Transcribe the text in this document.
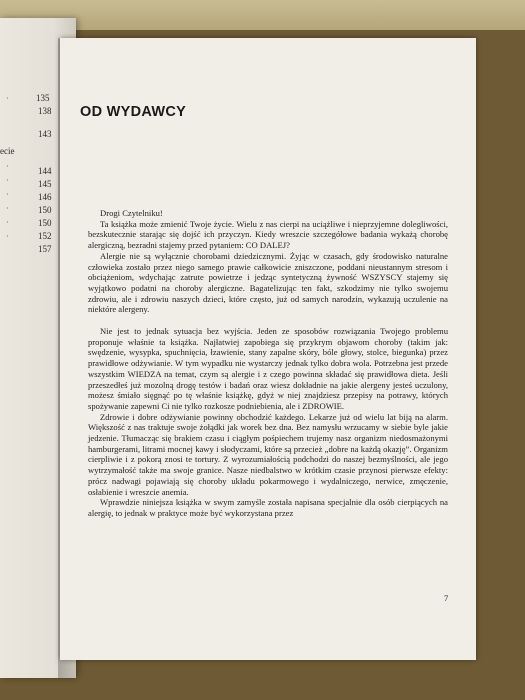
ecie
·
·
·
·
·
·
·
135
138
143
144
145
146
150
150
152
157
OD WYDAWCY

Drogi Czytelniku!

Ta książka może zmienić Twoje życie. Wielu z nas cierpi na uciążliwe i nieprzyjemne dolegliwości, bezskutecznie starając się dojść ich przyczyn. Kiedy wreszcie szczegółowe badania wykażą chorobę alergiczną, bezradni stajemy przed pytaniem: CO DALEJ?

Alergie nie są wyłącznie chorobami dziedzicznymi. Żyjąc w czasach, gdy środowisko naturalne człowieka zostało przez niego samego prawie całkowicie zniszczone, poddani nieustannym stresom i obciążeniom, wdychając zatrute powietrze i jedząc syntetyczną żywność WSZYSCY stajemy się wyjątkowo podatni na choroby alergiczne. Bagatelizując ten fakt, szkodzimy nie tylko swojemu zdrowiu, ale i zdrowiu naszych dzieci, które często, już od samych narodzin, wykazują uczulenie na niektóre alergeny.

Nie jest to jednak sytuacja bez wyjścia. Jeden ze sposobów rozwiązania Twojego problemu proponuje właśnie ta książka. Najłatwiej zapobiega się przykrym objawom choroby (takim jak: swędzenie, wysypka, spuchnięcia, łzawienie, stany zapalne skóry, bóle głowy, stolce, biegunka) przez prawidłowe odżywianie. W tym wypadku nie wystarczy jednak tylko dobra wola. Potrzebna jest przede wszystkim WIEDZA na temat, czym są alergie i z czego powinna składać się prawidłowa dieta. Jeśli przeszedłeś już mozolną drogę testów i badań oraz wiesz dokładnie na jakie alergeny jesteś uczulony, możesz śmiało sięgnąć po tę właśnie książkę, gdyż w niej znajdziesz przepisy na potrawy, których spożywanie zapewni Ci nie tylko rozkosze podniebienia, ale i ZDROWIE.

Zdrowie i dobre odżywianie powinny obchodzić każdego. Lekarze już od wielu lat biją na alarm. Większość z nas traktuje swoje żołądki jak worek bez dna. Bez namysłu wrzucamy w siebie byle jakie jedzenie. Tłumacząc się brakiem czasu i ciągłym pośpiechem trujemy nasz organizm niedosmażonymi hamburgerami, litrami mocnej kawy i słodyczami, które są przecież „dobre na każdą okazję”. Organizm cierpliwie i z pokorą znosi te tortury. Z wyrozumiałością podchodzi do naszej bezmyślności, ale jego wytrzymałość także ma swoje granice. Nasze niedbalstwo w krótkim czasie przynosi pierwsze efekty: prócz nadwagi pojawiają się choroby układu pokarmowego i wydalniczego, nerwice, zmęczenie, osłabienie i wreszcie anemia.

Wprawdzie niniejsza książka w swym zamyśle została napisana specjalnie dla osób cierpiących na alergię, to jednak w praktyce może być wykorzystana przez

7
